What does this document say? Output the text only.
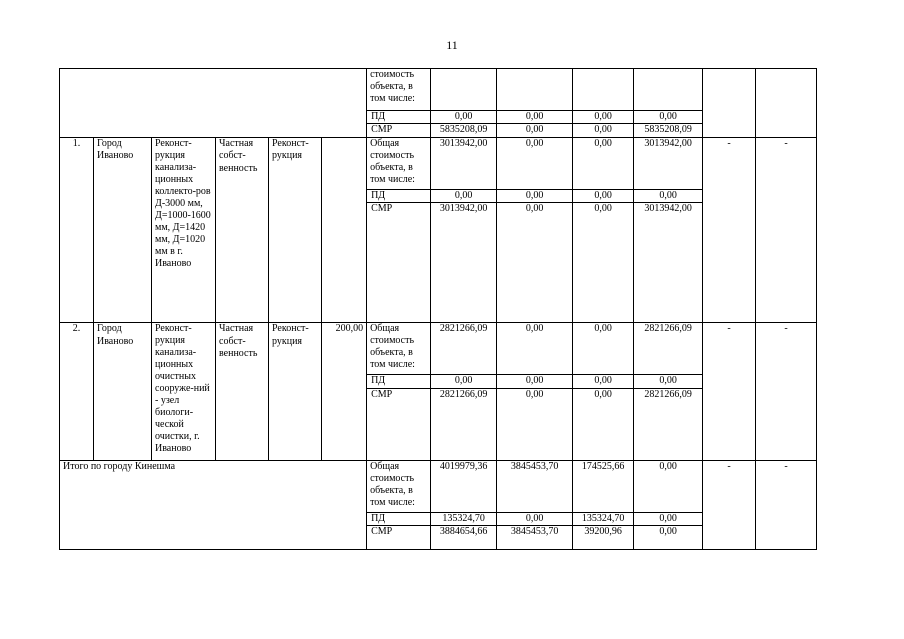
11
						стоимость объекта, в том числе:						
						ПД	0,00	0,00	0,00	0,00		
						СМР	5835208,09	0,00	0,00	5835208,09		
1.	Город Иваново	Реконст-рукция канализа-ционных коллекто-ров Д-3000 мм, Д=1000-1600 мм, Д=1420 мм, Д=1020 мм в г. Иваново	Частная собст-венность	Реконст-рукция		Общая стоимость объекта, в том числе:	3013942,00	0,00	0,00	3013942,00	-	-
						ПД	0,00	0,00	0,00	0,00		
						СМР	3013942,00	0,00	0,00	3013942,00		
2.	Город Иваново	Реконст-рукция канализа-ционных очистных сооруже-ний - узел биологи-ческой очистки, г. Иваново	Частная собст-венность	Реконст-рукция	200,00	Общая стоимость объекта, в том числе:	2821266,09	0,00	0,00	2821266,09	-	-
						ПД	0,00	0,00	0,00	0,00		
						СМР	2821266,09	0,00	0,00	2821266,09		
Итого по городу Кинешма						Общая стоимость объекта, в том числе:	4019979,36	3845453,70	174525,66	0,00	-	-
						ПД	135324,70	0,00	135324,70	0,00		
						СМР	3884654,66	3845453,70	39200,96	0,00		
